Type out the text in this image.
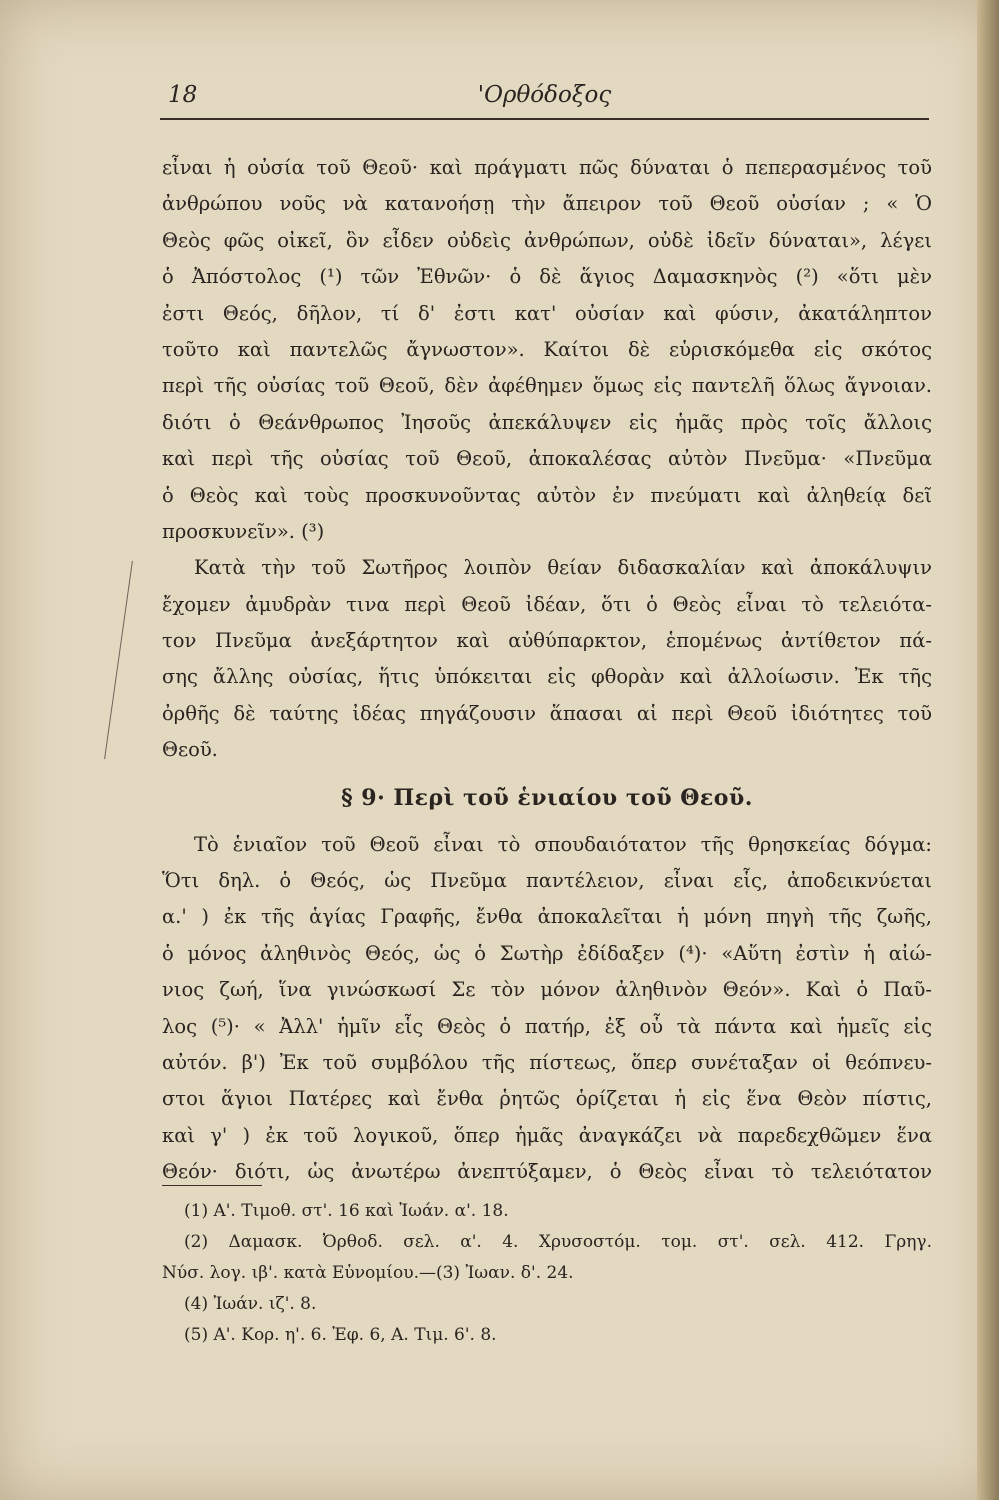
18	'Ορθόδοξος
εἶναι ἡ οὐσία τοῦ Θεοῦ· καὶ πράγματι πῶς δύναται ὁ πεπερασμένος τοῦ
ἀνθρώπου νοῦς νὰ κατανοήσῃ τὴν ἄπειρον τοῦ Θεοῦ οὐσίαν ; « Ὁ
Θεὸς φῶς οἰκεῖ, ὃν εἶδεν οὐδεὶς ἀνθρώπων, οὐδὲ ἰδεῖν δύναται», λέγει
ὁ Ἀπόστολος (¹) τῶν Ἐθνῶν· ὁ δὲ ἅγιος Δαμασκηνὸς (²) «ὅτι μὲν
ἐστι Θεός, δῆλον, τί δ' ἐστι κατ' οὐσίαν καὶ φύσιν, ἀκατάληπτον
τοῦτο καὶ παντελῶς ἄγνωστον». Καίτοι δὲ εὑρισκόμεθα εἰς σκότος
περὶ τῆς οὐσίας τοῦ Θεοῦ, δὲν ἀφέθημεν ὅμως εἰς παντελῆ ὅλως ἄγνοιαν.
διότι ὁ Θεάνθρωπος Ἰησοῦς ἀπεκάλυψεν εἰς ἡμᾶς πρὸς τοῖς ἄλλοις
καὶ περὶ τῆς οὐσίας τοῦ Θεοῦ, ἀποκαλέσας αὐτὸν Πνεῦμα· «Πνεῦμα
ὁ Θεὸς καὶ τοὺς προσκυνοῦντας αὐτὸν ἐν πνεύματι καὶ ἀληθείᾳ δεῖ
προσκυνεῖν». (³)
Κατὰ τὴν τοῦ Σωτῆρος λοιπὸν θείαν διδασκαλίαν καὶ ἀποκάλυψιν
ἔχομεν ἀμυδρὰν τινα περὶ Θεοῦ ἰδέαν, ὅτι ὁ Θεὸς εἶναι τὸ τελειότα-
τον Πνεῦμα ἀνεξάρτητον καὶ αὐθύπαρκτον, ἑπομένως ἀντίθετον πά-
σης ἄλλης οὐσίας, ἥτις ὑπόκειται εἰς φθορὰν καὶ ἀλλοίωσιν. Ἐκ τῆς
ὀρθῆς δὲ ταύτης ἰδέας πηγάζουσιν ἅπασαι αἱ περὶ Θεοῦ ἰδιότητες τοῦ
Θεοῦ.
§ 9· Περὶ τοῦ ἑνιαίου τοῦ Θεοῦ.
Τὸ ἑνιαῖον τοῦ Θεοῦ εἶναι τὸ σπουδαιότατον τῆς θρησκείας δόγμα:
Ὅτι δηλ. ὁ Θεός, ὡς Πνεῦμα παντέλειον, εἶναι εἷς, ἀποδεικνύεται
α.' ) ἐκ τῆς ἁγίας Γραφῆς, ἔνθα ἀποκαλεῖται ἡ μόνη πηγὴ τῆς ζωῆς,
ὁ μόνος ἀληθινὸς Θεός, ὡς ὁ Σωτὴρ ἐδίδαξεν (⁴)· «Αὕτη ἐστὶν ἡ αἰώ-
νιος ζωή, ἵνα γινώσκωσί Σε τὸν μόνον ἀληθινὸν Θεόν». Καὶ ὁ Παῦ-
λος (⁵)· « Ἀλλ' ἡμῖν εἷς Θεὸς ὁ πατήρ, ἐξ οὗ τὰ πάντα καὶ ἡμεῖς εἰς
αὐτόν. β') Ἐκ τοῦ συμβόλου τῆς πίστεως, ὅπερ συνέταξαν οἱ θεόπνευ-
στοι ἅγιοι Πατέρες καὶ ἔνθα ῥητῶς ὁρίζεται ἡ εἰς ἕνα Θεὸν πίστις,
καὶ γ' ) ἐκ τοῦ λογικοῦ, ὅπερ ἡμᾶς ἀναγκάζει νὰ παρεδεχθῶμεν ἕνα
Θεόν· διότι, ὡς ἀνωτέρω ἀνεπτύξαμεν, ὁ Θεὸς εἶναι τὸ τελειότατον
(1) Α'. Τιμοθ. στ'. 16 καὶ Ἰωάν. α'. 18.
(2) Δαμασκ. Ὀρθοδ. σελ. α'. 4. Χρυσοστόμ. τομ. στ'. σελ. 412. Γρηγ.
Νύσ. λογ. ιβ'. κατὰ Εὐνομίου.—(3) Ἰωαν. δ'. 24.
(4) Ἰωάν. ιζ'. 8.
(5) Α'. Κορ. η'. 6. Ἐφ. 6, Α. Τιμ. 6'. 8.
